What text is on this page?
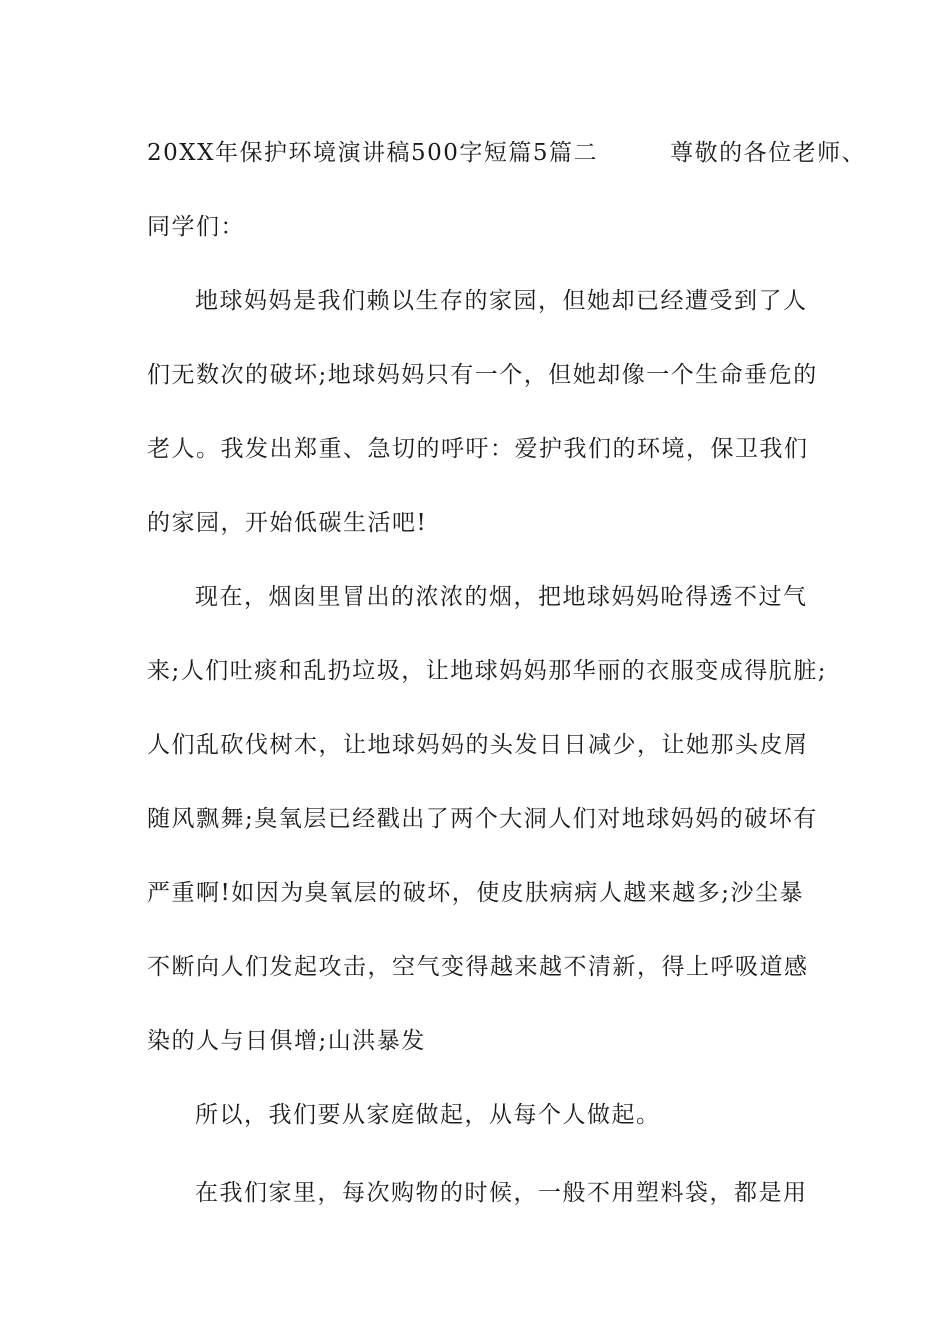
20XX年保护环境演讲稿500字短篇5篇二	尊敬的各位老师、
同学们：
地球妈妈是我们赖以生存的家园，但她却已经遭受到了人
们无数次的破坏;地球妈妈只有一个，但她却像一个生命垂危的
老人。我发出郑重、急切的呼吁：爱护我们的环境，保卫我们
的家园，开始低碳生活吧!
现在，烟囱里冒出的浓浓的烟，把地球妈妈呛得透不过气
来;人们吐痰和乱扔垃圾，让地球妈妈那华丽的衣服变成得肮脏;
人们乱砍伐树木，让地球妈妈的头发日日减少，让她那头皮屑
随风飘舞;臭氧层已经戳出了两个大洞人们对地球妈妈的破坏有
严重啊!如因为臭氧层的破坏，使皮肤病病人越来越多;沙尘暴
不断向人们发起攻击，空气变得越来越不清新，得上呼吸道感
染的人与日俱增;山洪暴发
所以，我们要从家庭做起，从每个人做起。
在我们家里，每次购物的时候，一般不用塑料袋，都是用
